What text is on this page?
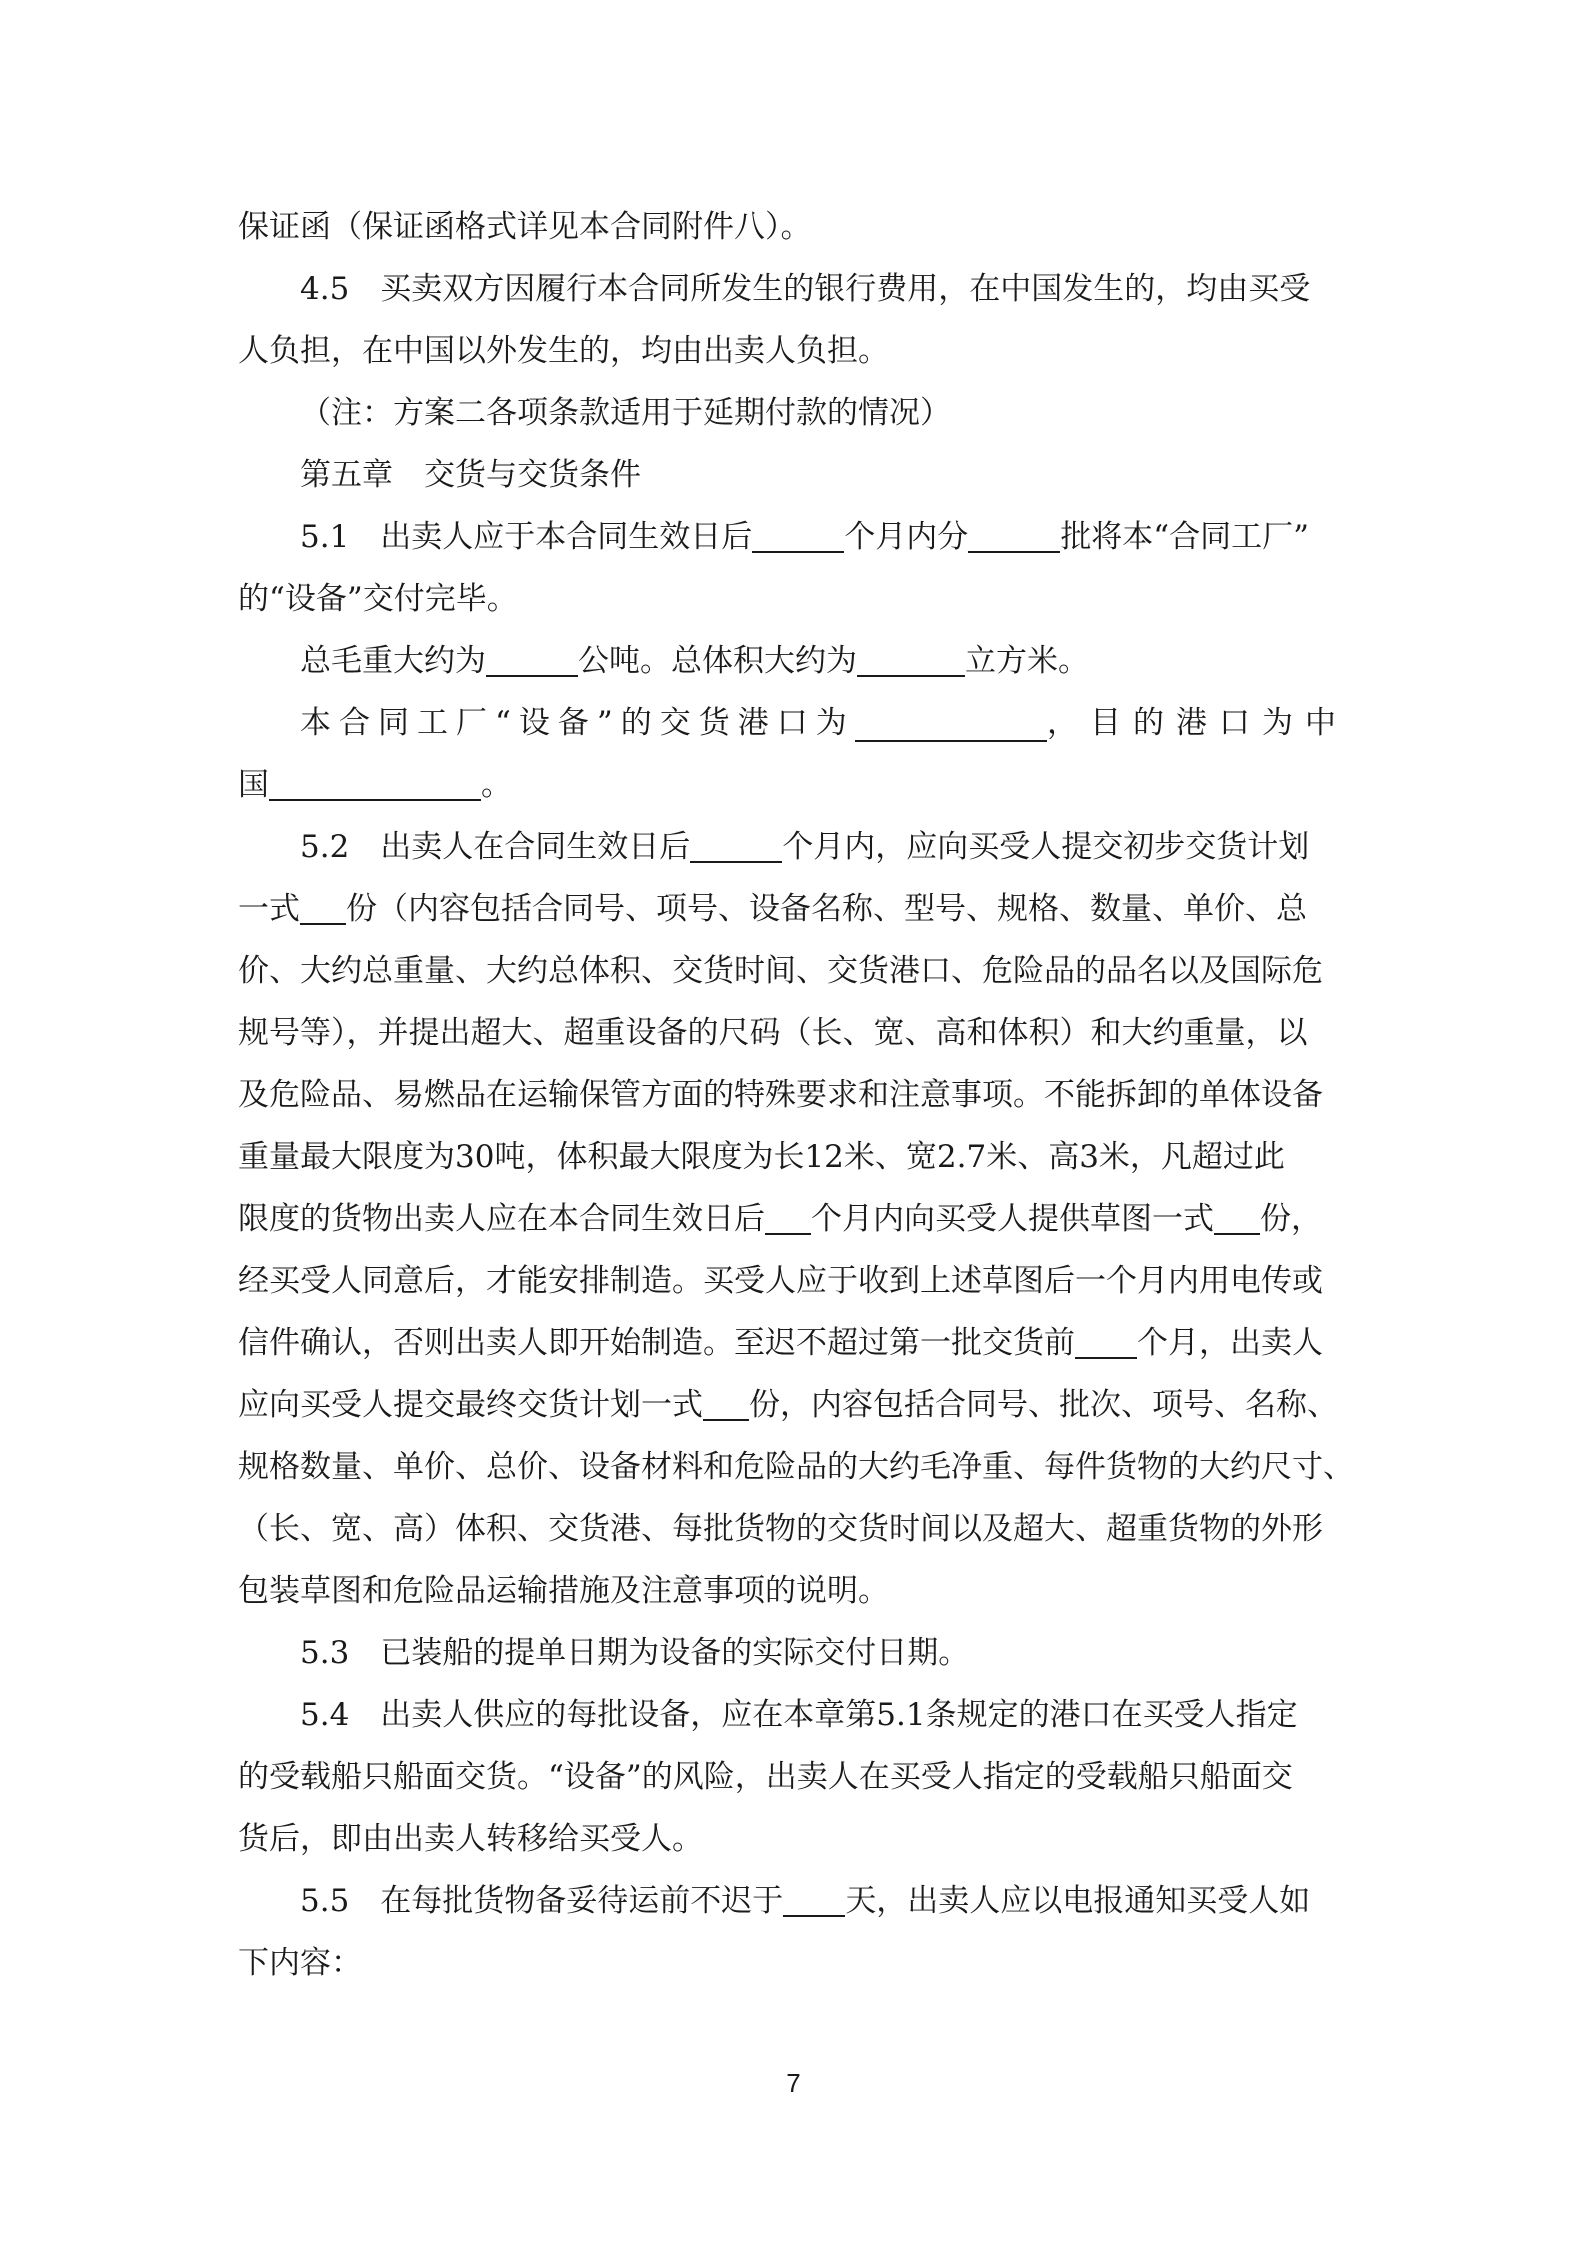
保证函（保证函格式详见本合同附件八）。
4.5　买卖双方因履行本合同所发生的银行费用，在中国发生的，均由买受
人负担，在中国以外发生的，均由出卖人负担。
（注：方案二各项条款适用于延期付款的情况）
第五章　交货与交货条件
5.1　出卖人应于本合同生效日后	个月内分	批将本“合同工厂”
的“设备”交付完毕。
总毛重大约为	公吨。总体积大约为	立方米。
本合同工厂“设备”的交货港口为	，目的港口为中
国	。
5.2　出卖人在合同生效日后	个月内，应向买受人提交初步交货计划
一式 份（内容包括合同号、项号、设备名称、型号、规格、数量、单价、总
价、大约总重量、大约总体积、交货时间、交货港口、危险品的品名以及国际危
规号等），并提出超大、超重设备的尺码（长、宽、高和体积）和大约重量，以
及危险品、易燃品在运输保管方面的特殊要求和注意事项。不能拆卸的单体设备
重量最大限度为30吨，体积最大限度为长12米、宽2.7米、高3米，凡超过此
限度的货物出卖人应在本合同生效日后 个月内向买受人提供草图一式 份，
经买受人同意后，才能安排制造。买受人应于收到上述草图后一个月内用电传或
信件确认，否则出卖人即开始制造。至迟不超过第一批交货前 个月，出卖人
应向买受人提交最终交货计划一式 份，内容包括合同号、批次、项号、名称、
规格数量、单价、总价、设备材料和危险品的大约毛净重、每件货物的大约尺寸、
（长、宽、高）体积、交货港、每批货物的交货时间以及超大、超重货物的外形
包装草图和危险品运输措施及注意事项的说明。
5.3　已装船的提单日期为设备的实际交付日期。
5.4　出卖人供应的每批设备，应在本章第5.1条规定的港口在买受人指定
的受载船只船面交货。“设备”的风险，出卖人在买受人指定的受载船只船面交
货后，即由出卖人转移给买受人。
5.5　在每批货物备妥待运前不迟于 天，出卖人应以电报通知买受人如
下内容：
7
